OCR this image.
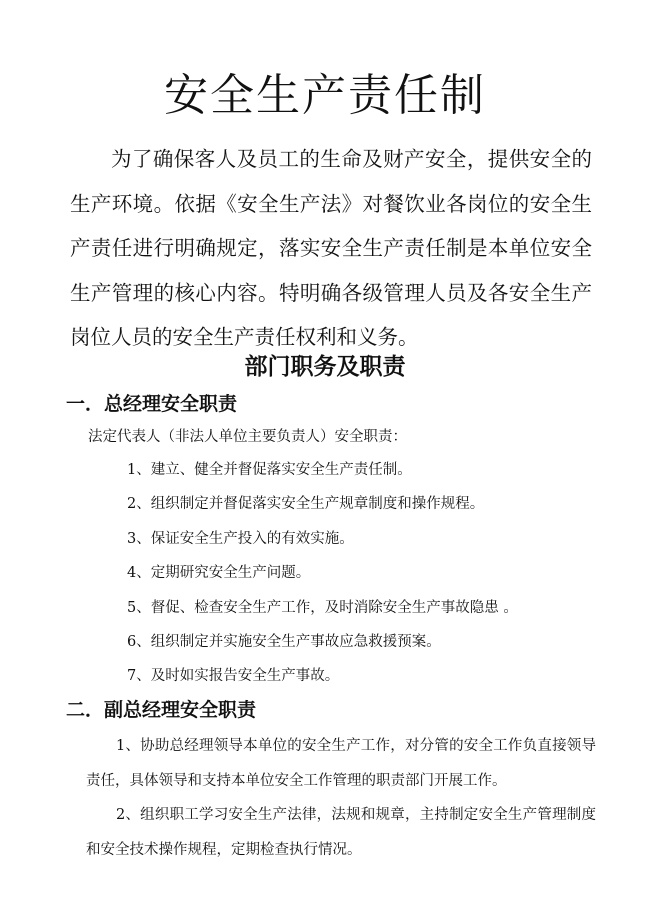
安全生产责任制

为了确保客人及员工的生命及财产安全，提供安全的生产环境。依据《安全生产法》对餐饮业各岗位的安全生产责任进行明确规定，落实安全生产责任制是本单位安全生产管理的核心内容。特明确各级管理人员及各安全生产岗位人员的安全生产责任权利和义务。

部门职务及职责
一．总经理安全职责

法定代表人（非法人单位主要负责人）安全职责：

1、建立、健全并督促落实安全生产责任制。
2、组织制定并督促落实安全生产规章制度和操作规程。
3、保证安全生产投入的有效实施。
4、定期研究安全生产问题。
5、督促、检查安全生产工作，及时消除安全生产事故隐患 。
6、组织制定并实施安全生产事故应急救援预案。
7、及时如实报告安全生产事故。
二．副总经理安全职责

1、协助总经理领导本单位的安全生产工作，对分管的安全工作负直接领导责任，具体领导和支持本单位安全工作管理的职责部门开展工作。

2、组织职工学习安全生产法律，法规和规章，主持制定安全生产管理制度和安全技术操作规程，定期检查执行情况。
